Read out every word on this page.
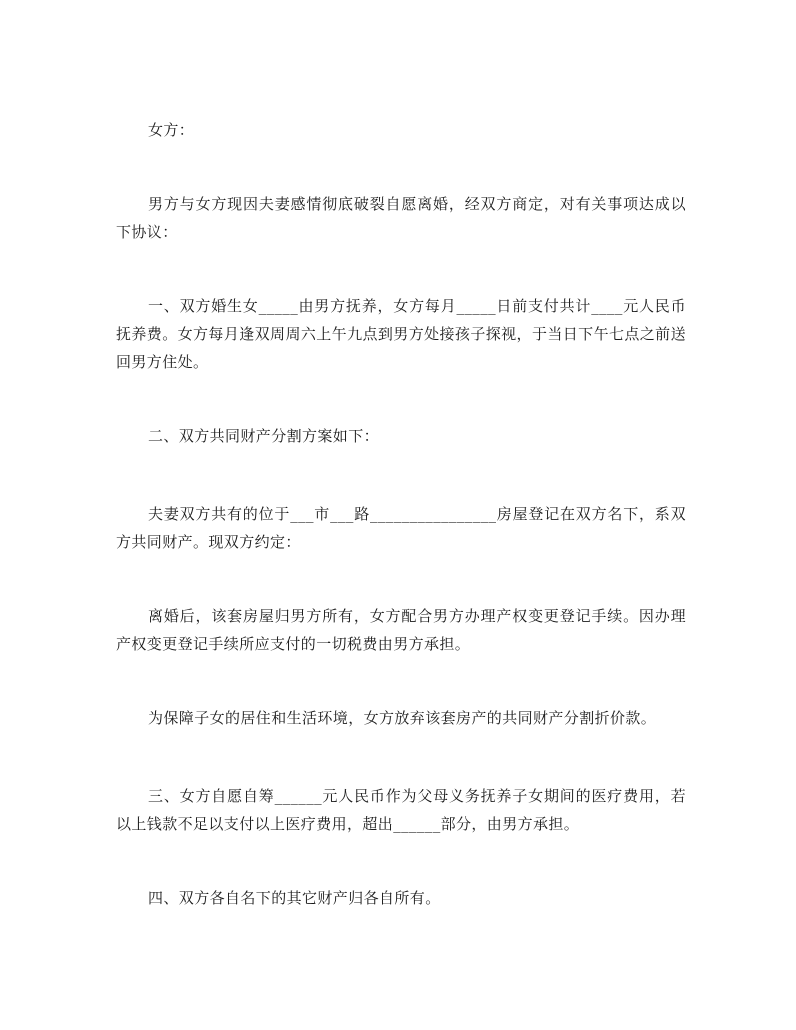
女方：

男方与女方现因夫妻感情彻底破裂自愿离婚，经双方商定，对有关事项达成以下协议：

一、双方婚生女_____由男方抚养，女方每月_____日前支付共计____元人民币抚养费。女方每月逢双周周六上午九点到男方处接孩子探视，于当日下午七点之前送回男方住处。

二、双方共同财产分割方案如下：

夫妻双方共有的位于___市___路________________房屋登记在双方名下，系双方共同财产。现双方约定：

离婚后，该套房屋归男方所有，女方配合男方办理产权变更登记手续。因办理产权变更登记手续所应支付的一切税费由男方承担。

为保障子女的居住和生活环境，女方放弃该套房产的共同财产分割折价款。

三、女方自愿自筹______元人民币作为父母义务抚养子女期间的医疗费用，若以上钱款不足以支付以上医疗费用，超出______部分，由男方承担。

四、双方各自名下的其它财产归各自所有。
